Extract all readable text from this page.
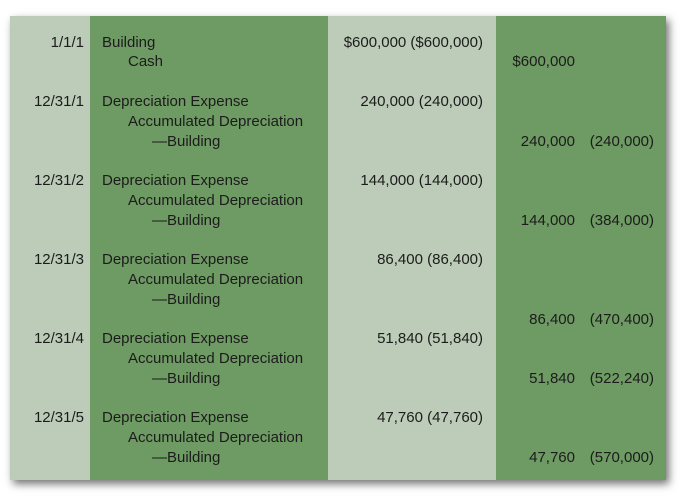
1/1/1 Building
Cash
$600,000 ($600,000)
$600,000
12/31/1 Depreciation Expense
Accumulated Depreciation
—Building
240,000 (240,000)
240,000 (240,000)
12/31/2 Depreciation Expense
Accumulated Depreciation
—Building
144,000 (144,000)
144,000 (384,000)
12/31/3 Depreciation Expense
Accumulated Depreciation
—Building
86,400 (86,400)
86,400 (470,400)
12/31/4 Depreciation Expense
Accumulated Depreciation
—Building
51,840 (51,840)
51,840 (522,240)
12/31/5 Depreciation Expense
Accumulated Depreciation
—Building
47,760 (47,760)
47,760 (570,000)
